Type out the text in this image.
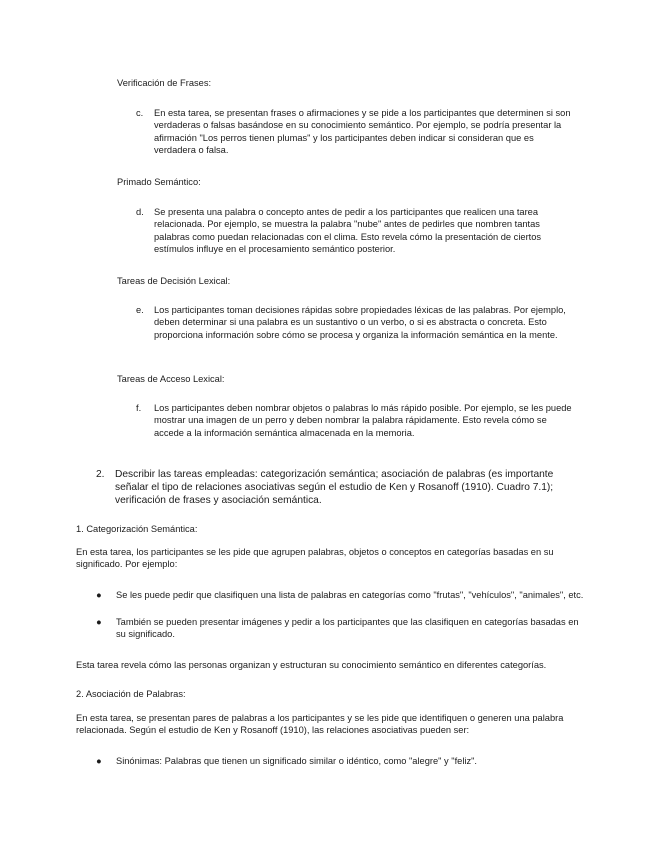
Verificación de Frases:

c.	En esta tarea, se presentan frases o afirmaciones y se pide a los participantes que determinen si son verdaderas o falsas basándose en su conocimiento semántico. Por ejemplo, se podría presentar la afirmación "Los perros tienen plumas" y los participantes deben indicar si consideran que es verdadera o falsa.

Primado Semántico:

d.	Se presenta una palabra o concepto antes de pedir a los participantes que realicen una tarea relacionada. Por ejemplo, se muestra la palabra "nube" antes de pedirles que nombren tantas palabras como puedan relacionadas con el clima. Esto revela cómo la presentación de ciertos estímulos influye en el procesamiento semántico posterior.

Tareas de Decisión Lexical:

e.	Los participantes toman decisiones rápidas sobre propiedades léxicas de las palabras. Por ejemplo, deben determinar si una palabra es un sustantivo o un verbo, o si es abstracta o concreta. Esto proporciona información sobre cómo se procesa y organiza la información semántica en la mente.

Tareas de Acceso Lexical:

f.	Los participantes deben nombrar objetos o palabras lo más rápido posible. Por ejemplo, se les puede mostrar una imagen de un perro y deben nombrar la palabra rápidamente. Esto revela cómo se accede a la información semántica almacenada en la memoria.
2. Describir las tareas empleadas: categorización semántica; asociación de palabras (es importante señalar el tipo de relaciones asociativas según el estudio de Ken y Rosanoff (1910). Cuadro 7.1); verificación de frases y asociación semántica.

1. Categorización Semántica:

En esta tarea, los participantes se les pide que agrupen palabras, objetos o conceptos en categorías basadas en su significado. Por ejemplo:

● Se les puede pedir que clasifiquen una lista de palabras en categorías como "frutas", "vehículos", "animales", etc.
● También se pueden presentar imágenes y pedir a los participantes que las clasifiquen en categorías basadas en su significado.

Esta tarea revela cómo las personas organizan y estructuran su conocimiento semántico en diferentes categorías.

2. Asociación de Palabras:

En esta tarea, se presentan pares de palabras a los participantes y se les pide que identifiquen o generen una palabra relacionada. Según el estudio de Ken y Rosanoff (1910), las relaciones asociativas pueden ser:

● Sinónimas: Palabras que tienen un significado similar o idéntico, como "alegre" y "feliz".
